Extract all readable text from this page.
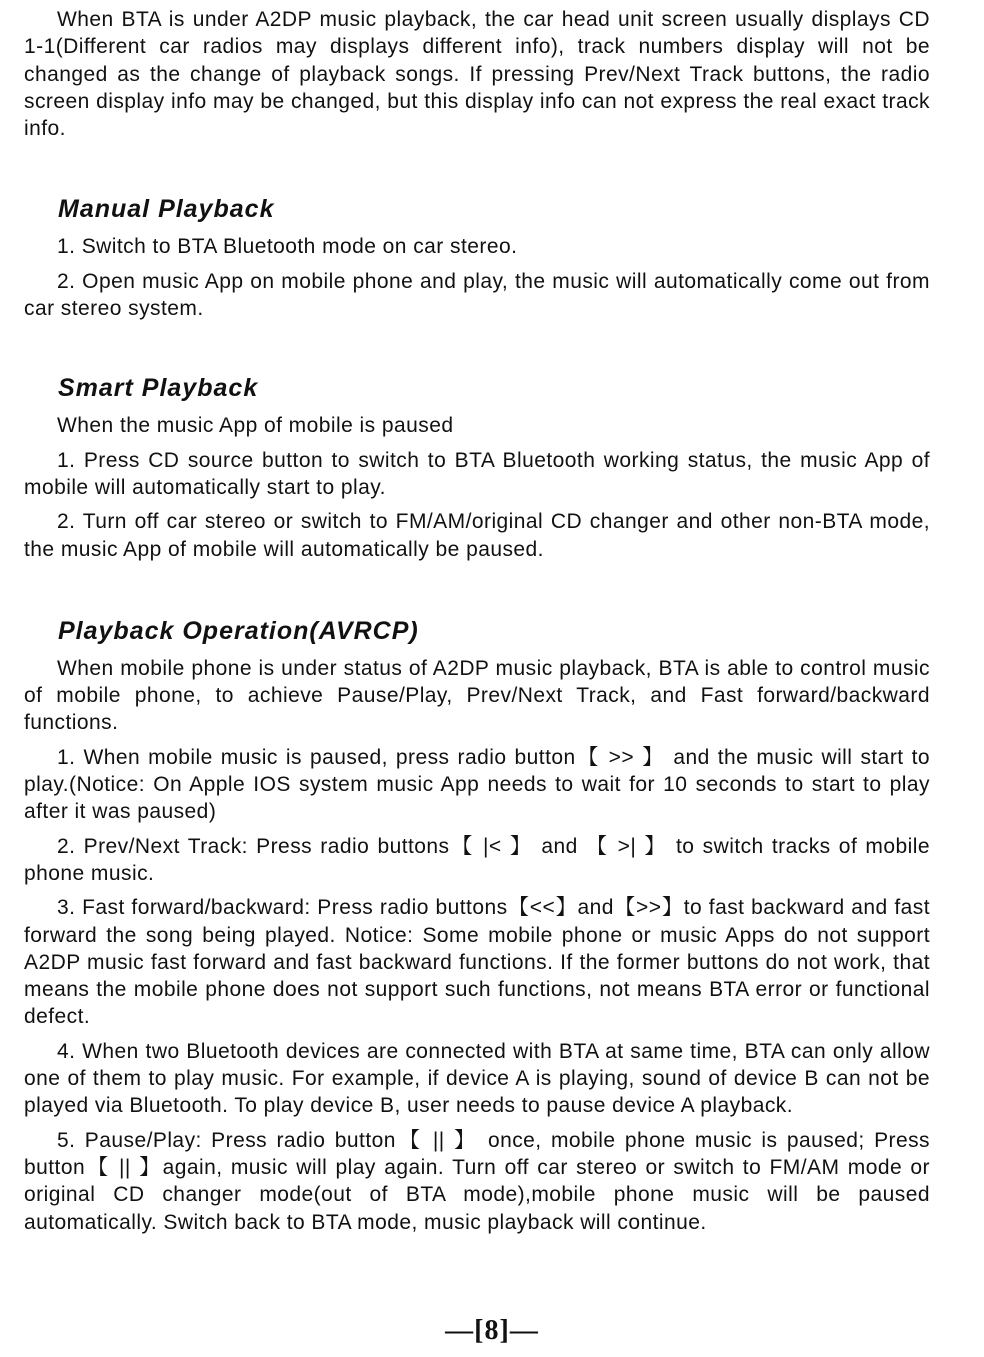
When BTA is under A2DP music playback, the car head unit screen usually displays CD 1-1(Different car radios may displays different info), track numbers display will not be changed as the change of playback songs. If pressing Prev/Next Track buttons, the radio screen display info may be changed, but this display info can not express the real exact track info.

Manual Playback

1. Switch to BTA Bluetooth mode on car stereo.

2. Open music App on mobile phone and play, the music will automatically come out from car stereo system.

Smart Playback

When the music App of mobile is paused

1. Press CD source button to switch to BTA Bluetooth working status, the music App of mobile will automatically start to play.

2. Turn off car stereo or switch to FM/AM/original CD changer and other non-BTA mode, the music App of mobile will automatically be paused.

Playback Operation(AVRCP)

When mobile phone is under status of A2DP music playback, BTA is able to control music of mobile phone, to achieve Pause/Play, Prev/Next Track, and Fast forward/backward functions.

1. When mobile music is paused, press radio button【 >> 】 and the music will start to play.(Notice: On Apple IOS system music App needs to wait for 10 seconds to start to play after it was paused)

2. Prev/Next Track: Press radio buttons【 |< 】 and 【 >| 】 to switch tracks of mobile phone music.

3. Fast forward/backward: Press radio buttons【<<】and【>>】to fast backward and fast forward the song being played. Notice: Some mobile phone or music Apps do not support A2DP music fast forward and fast backward functions. If the former buttons do not work, that means the mobile phone does not support such functions, not means BTA error or functional defect.

4. When two Bluetooth devices are connected with BTA at same time, BTA can only allow one of them to play music. For example, if device A is playing, sound of device B can not be played via Bluetooth. To play device B, user needs to pause device A playback.

5. Pause/Play: Press radio button【 || 】 once, mobile phone music is paused; Press button【 || 】again, music will play again. Turn off car stereo or switch to FM/AM mode or original CD changer mode(out of BTA mode),mobile phone music will be paused automatically. Switch back to BTA mode, music playback will continue.

—[8]—
